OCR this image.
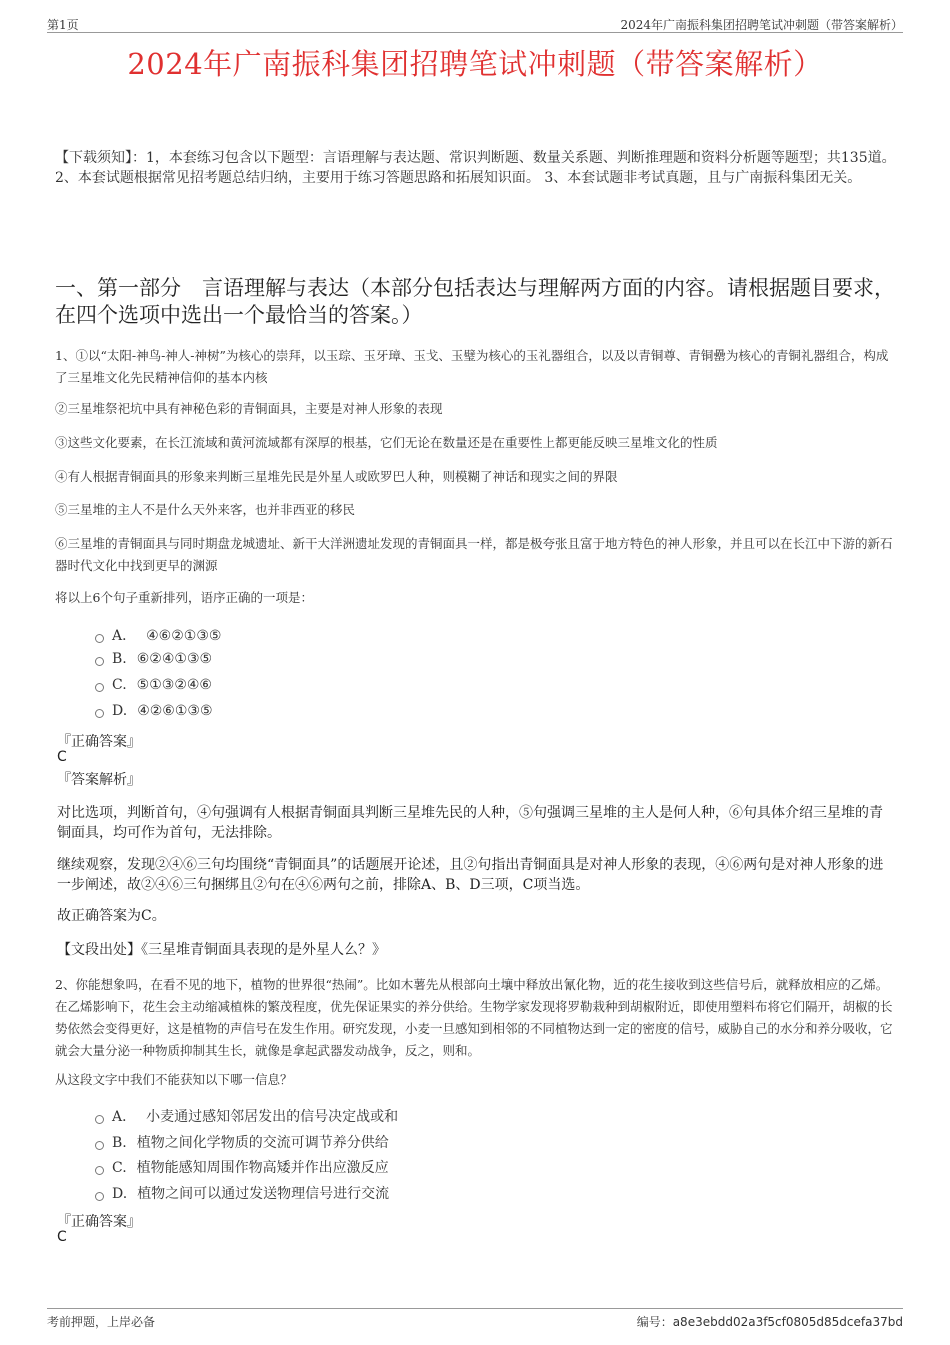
第1页	2024年广南振科集团招聘笔试冲刺题（带答案解析）
2024年广南振科集团招聘笔试冲刺题（带答案解析）
【下载须知】：1，本套练习包含以下题型：言语理解与表达题、常识判断题、数量关系题、判断推理题和资料分析题等题型；共135道。 2、本套试题根据常见招考题总结归纳，主要用于练习答题思路和拓展知识面。 3、本套试题非考试真题，且与广南振科集团无关。
一、第一部分　言语理解与表达（本部分包括表达与理解两方面的内容。请根据题目要求，在四个选项中选出一个最恰当的答案。）
1、①以“太阳-神鸟-神人-神树”为核心的崇拜，以玉琮、玉牙璋、玉戈、玉璧为核心的玉礼器组合，以及以青铜尊、青铜罍为核心的青铜礼器组合，构成了三星堆文化先民精神信仰的基本内核
②三星堆祭祀坑中具有神秘色彩的青铜面具，主要是对神人形象的表现
③这些文化要素，在长江流域和黄河流域都有深厚的根基，它们无论在数量还是在重要性上都更能反映三星堆文化的性质
④有人根据青铜面具的形象来判断三星堆先民是外星人或欧罗巴人种，则模糊了神话和现实之间的界限
⑤三星堆的主人不是什么天外来客，也并非西亚的移民
⑥三星堆的青铜面具与同时期盘龙城遗址、新干大洋洲遗址发现的青铜面具一样，都是极夸张且富于地方特色的神人形象，并且可以在长江中下游的新石器时代文化中找到更早的渊源
将以上6个句子重新排列，语序正确的一项是：
A． ④⑥②①③⑤
B. ⑥②④①③⑤
C. ⑤①③②④⑥
D. ④②⑥①③⑤
『正确答案』
C
『答案解析』
对比选项，判断首句，④句强调有人根据青铜面具判断三星堆先民的人种，⑤句强调三星堆的主人是何人种，⑥句具体介绍三星堆的青铜面具，均可作为首句，无法排除。
继续观察，发现②④⑥三句均围绕“青铜面具”的话题展开论述，且②句指出青铜面具是对神人形象的表现，④⑥两句是对神人形象的进一步阐述，故②④⑥三句捆绑且②句在④⑥两句之前，排除A、B、D三项，C项当选。
故正确答案为C。
【文段出处】《三星堆青铜面具表现的是外星人么？》
2、你能想象吗，在看不见的地下，植物的世界很“热闹”。比如木薯先从根部向土壤中释放出氰化物，近的花生接收到这些信号后，就释放相应的乙烯。在乙烯影响下，花生会主动缩减植株的繁茂程度，优先保证果实的养分供给。生物学家发现将罗勒栽种到胡椒附近，即使用塑料布将它们隔开，胡椒的长势依然会变得更好，这是植物的声信号在发生作用。研究发现，小麦一旦感知到相邻的不同植物达到一定的密度的信号，威胁自己的水分和养分吸收，它就会大量分泌一种物质抑制其生长，就像是拿起武器发动战争，反之，则和。
从这段文字中我们不能获知以下哪一信息？
A． 小麦通过感知邻居发出的信号决定战或和
B. 植物之间化学物质的交流可调节养分供给
C. 植物能感知周围作物高矮并作出应激反应
D. 植物之间可以通过发送物理信号进行交流
『正确答案』
C
考前押题，上岸必备	编号：a8e3ebdd02a3f5cf0805d85dcefa37bd
